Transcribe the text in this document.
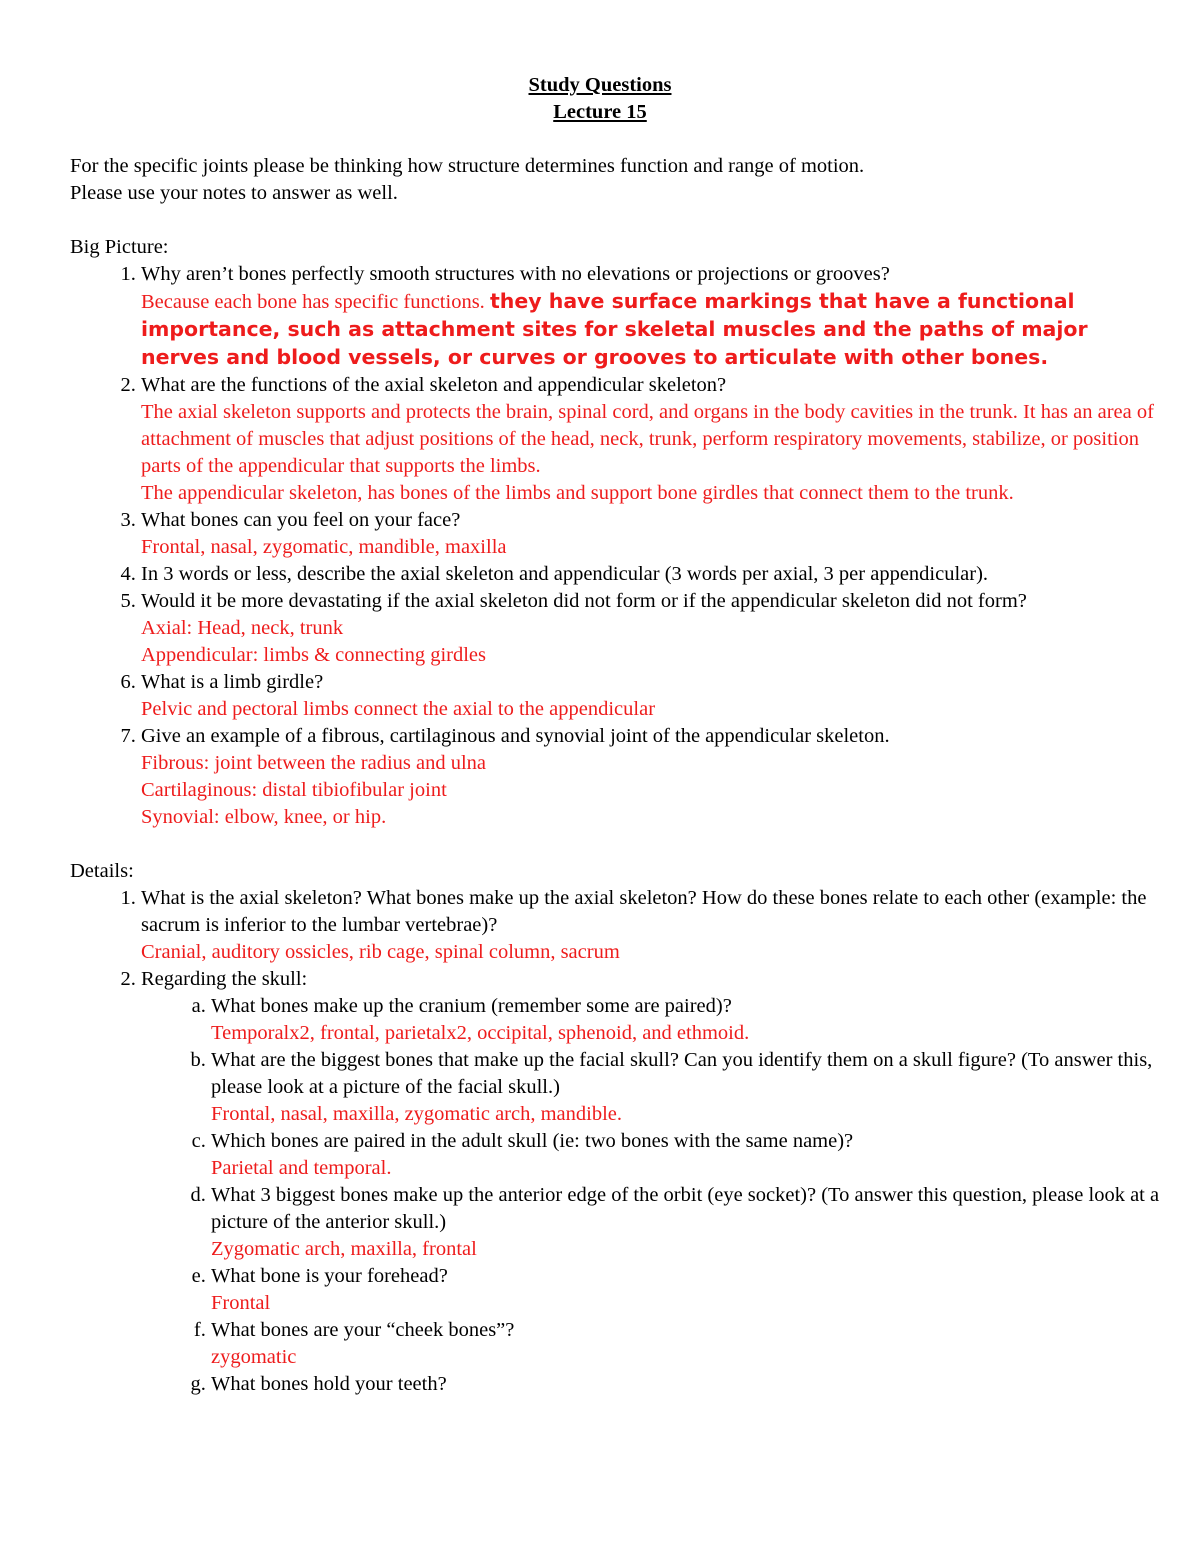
Study Questions
Lecture 15

For the specific joints please be thinking how structure determines function and range of motion.

Please use your notes to answer as well.

Big Picture:

1. Why aren’t bones perfectly smooth structures with no elevations or projections or grooves?
Because each bone has specific functions. they have surface markings that have a functional importance, such as attachment sites for skeletal muscles and the paths of major nerves and blood vessels, or curves or grooves to articulate with other bones.
2. What are the functions of the axial skeleton and appendicular skeleton?
The axial skeleton supports and protects the brain, spinal cord, and organs in the body cavities in the trunk. It has an area of attachment of muscles that adjust positions of the head, neck, trunk, perform respiratory movements, stabilize, or position parts of the appendicular that supports the limbs.
The appendicular skeleton, has bones of the limbs and support bone girdles that connect them to the trunk.
3. What bones can you feel on your face?
Frontal, nasal, zygomatic, mandible, maxilla
4. In 3 words or less, describe the axial skeleton and appendicular (3 words per axial, 3 per appendicular).
5. Would it be more devastating if the axial skeleton did not form or if the appendicular skeleton did not form?
Axial: Head, neck, trunk
Appendicular: limbs & connecting girdles
6. What is a limb girdle?
Pelvic and pectoral limbs connect the axial to the appendicular
7. Give an example of a fibrous, cartilaginous and synovial joint of the appendicular skeleton.
Fibrous: joint between the radius and ulna
Cartilaginous: distal tibiofibular joint
Synovial: elbow, knee, or hip.

Details:

1. What is the axial skeleton? What bones make up the axial skeleton? How do these bones relate to each other (example: the sacrum is inferior to the lumbar vertebrae)?
Cranial, auditory ossicles, rib cage, spinal column, sacrum
2. Regarding the skull:
a. What bones make up the cranium (remember some are paired)?
Temporalx2, frontal, parietalx2, occipital, sphenoid, and ethmoid.
b. What are the biggest bones that make up the facial skull? Can you identify them on a skull figure? (To answer this, please look at a picture of the facial skull.)
Frontal, nasal, maxilla, zygomatic arch, mandible.
c. Which bones are paired in the adult skull (ie: two bones with the same name)?
Parietal and temporal.
d. What 3 biggest bones make up the anterior edge of the orbit (eye socket)? (To answer this question, please look at a picture of the anterior skull.)
Zygomatic arch, maxilla, frontal
e. What bone is your forehead?
Frontal
f. What bones are your “cheek bones”?
zygomatic
g. What bones hold your teeth?
